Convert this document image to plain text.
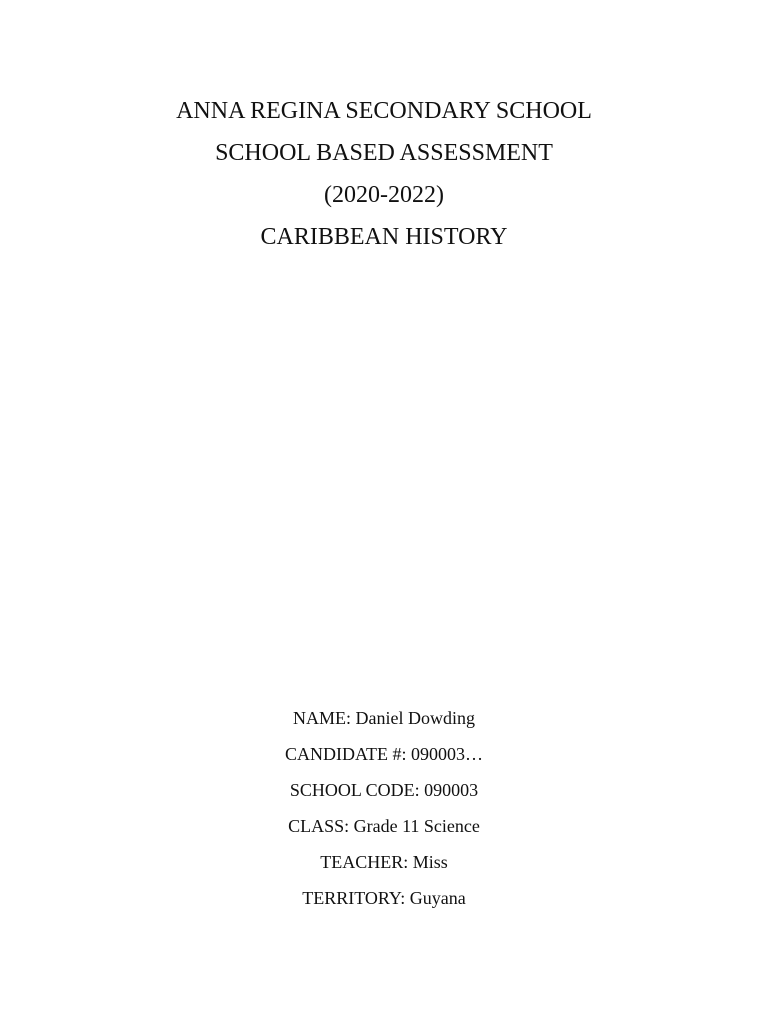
ANNA REGINA SECONDARY SCHOOL
SCHOOL BASED ASSESSMENT
(2020-2022)
CARIBBEAN HISTORY
NAME: Daniel Dowding
CANDIDATE #: 090003…
SCHOOL CODE: 090003
CLASS: Grade 11 Science
TEACHER: Miss
TERRITORY: Guyana
